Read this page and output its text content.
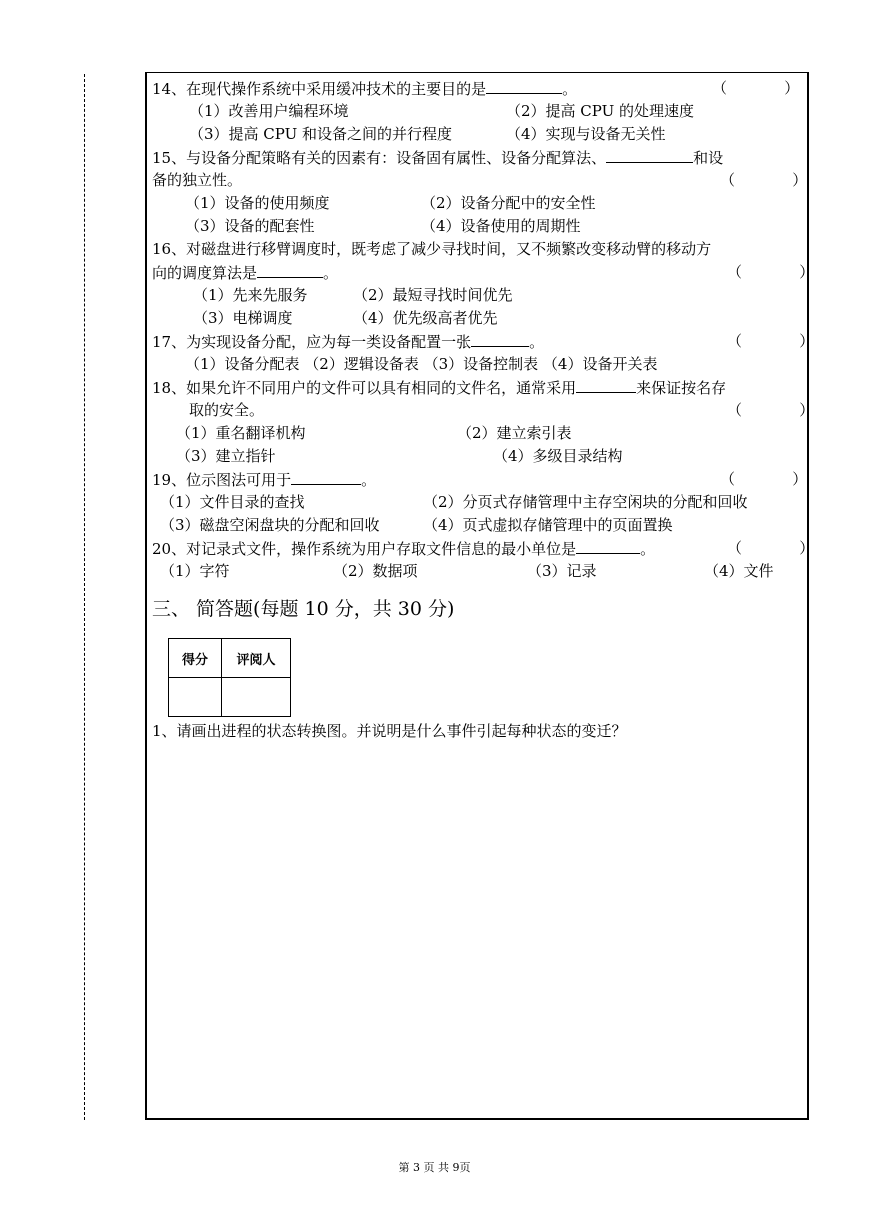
14、在现代操作系统中采用缓冲技术的主要目的是	。	（            ）
（1）改善用户编程环境	（2）提高 CPU 的处理速度
（3）提高 CPU 和设备之间的并行程度	（4）实现与设备无关性
15、与设备分配策略有关的因素有：设备固有属性、设备分配算法、	和设
备的独立性。	（            ）
（1）设备的使用频度	（2）设备分配中的安全性
（3）设备的配套性	（4）设备使用的周期性
16、对磁盘进行移臂调度时，既考虑了减少寻找时间，又不频繁改变移动臂的移动方
向的调度算法是	。	（            ）
（1）先来先服务	（2）最短寻找时间优先
（3）电梯调度	（4）优先级高者优先
17、为实现设备分配，应为每一类设备配置一张	。	（            ）
（1）设备分配表 （2）逻辑设备表 （3）设备控制表 （4）设备开关表
18、如果允许不同用户的文件可以具有相同的文件名，通常采用	来保证按名存
取的安全。	（            ）
（1）重名翻译机构	（2）建立索引表
（3）建立指针	（4）多级目录结构
19、位示图法可用于	。	（            ）
（1）文件目录的查找	（2）分页式存储管理中主存空闲块的分配和回收
（3）磁盘空闲盘块的分配和回收	（4）页式虚拟存储管理中的页面置换
20、对记录式文件，操作系统为用户存取文件信息的最小单位是	。	（            ）
（1）字符	（2）数据项	（3）记录	（4）文件
三、 简答题(每题 10 分，共 30 分)
得分	评阅人

1、请画出进程的状态转换图。并说明是什么事件引起每种状态的变迁？
第 3 页 共 9页
